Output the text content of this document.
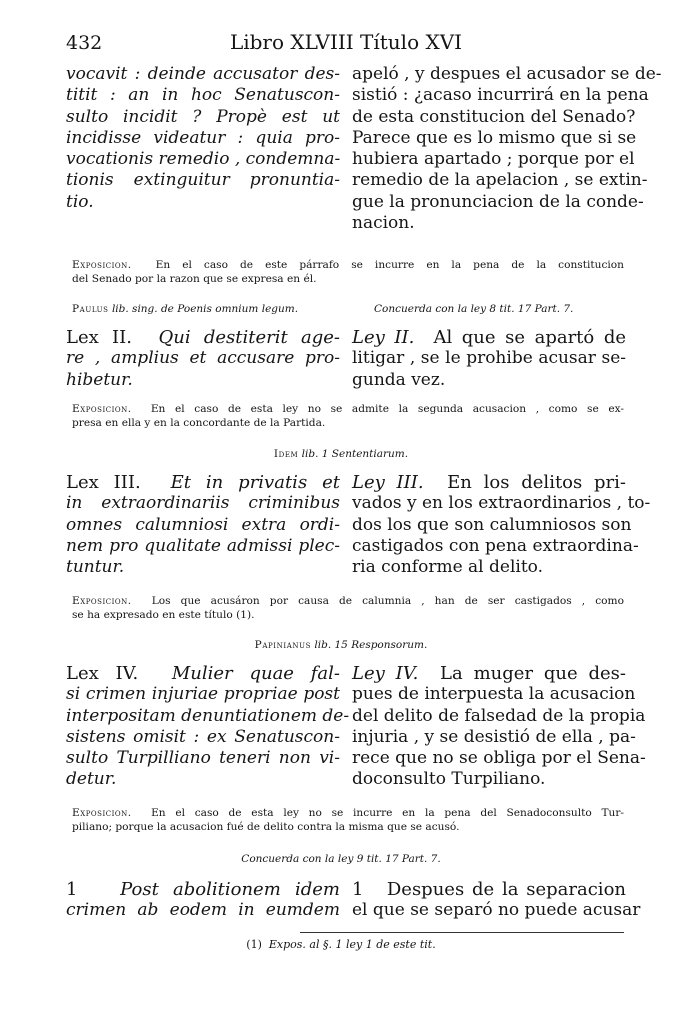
432	Libro XLVIII Título XVI
vocavit : deinde accusator des-
titit : an in hoc Senatuscon-
sulto incidit ? Propè est ut
incidisse videatur : quia pro-
vocationis remedio , condemna-
tionis extinguitur pronuntia-
tio.
apeló , y despues el acusador se de-
sistió : ¿acaso incurrirá en la pena
de esta constitucion del Senado?
Parece que es lo mismo que si se
hubiera apartado ; porque por el
remedio de la apelacion , se extin-
gue la pronunciacion de la conde-
nacion.
Exposicion. En el caso de este párrafo se incurre en la pena de la constitucion
del Senado por la razon que se expresa en él.
Paulus lib. sing. de Poenis omnium legum.	Concuerda con la ley 8 tit. 17 Part. 7.
Lex II. Qui destiterit age-
re , amplius et accusare pro-
hibetur.
Ley II. Al que se apartó de
litigar , se le prohibe acusar se-
gunda vez.
Exposicion. En el caso de esta ley no se admite la segunda acusacion , como se ex-
presa en ella y en la concordante de la Partida.
Idem lib. 1 Sententiarum.
Lex III. Et in privatis et
in extraordinariis criminibus
omnes calumniosi extra ordi-
nem pro qualitate admissi plec-
tuntur.
Ley III. En los delitos pri-
vados y en los extraordinarios , to-
dos los que son calumniosos son
castigados con pena extraordina-
ria conforme al delito.
Exposicion. Los que acusáron por causa de calumnia , han de ser castigados , como
se ha expresado en este título (1).
Papinianus lib. 15 Responsorum.
Lex IV. Mulier quae fal-
si crimen injuriae propriae post
interpositam denuntiationem de-
sistens omisit : ex Senatuscon-
sulto Turpilliano teneri non vi-
detur.
Ley IV. La muger que des-
pues de interpuesta la acusacion
del delito de falsedad de la propia
injuria , y se desistió de ella , pa-
rece que no se obliga por el Sena-
doconsulto Turpiliano.
Exposicion. En el caso de esta ley no se incurre en la pena del Senadoconsulto Tur-
piliano; porque la acusacion fué de delito contra la misma que se acusó.
Concuerda con la ley 9 tit. 17 Part. 7.
1 Post abolitionem idem
crimen ab eodem in eumdem
1 Despues de la separacion
el que se separó no puede acusar
(1) Expos. al §. 1 ley 1 de este tit.
